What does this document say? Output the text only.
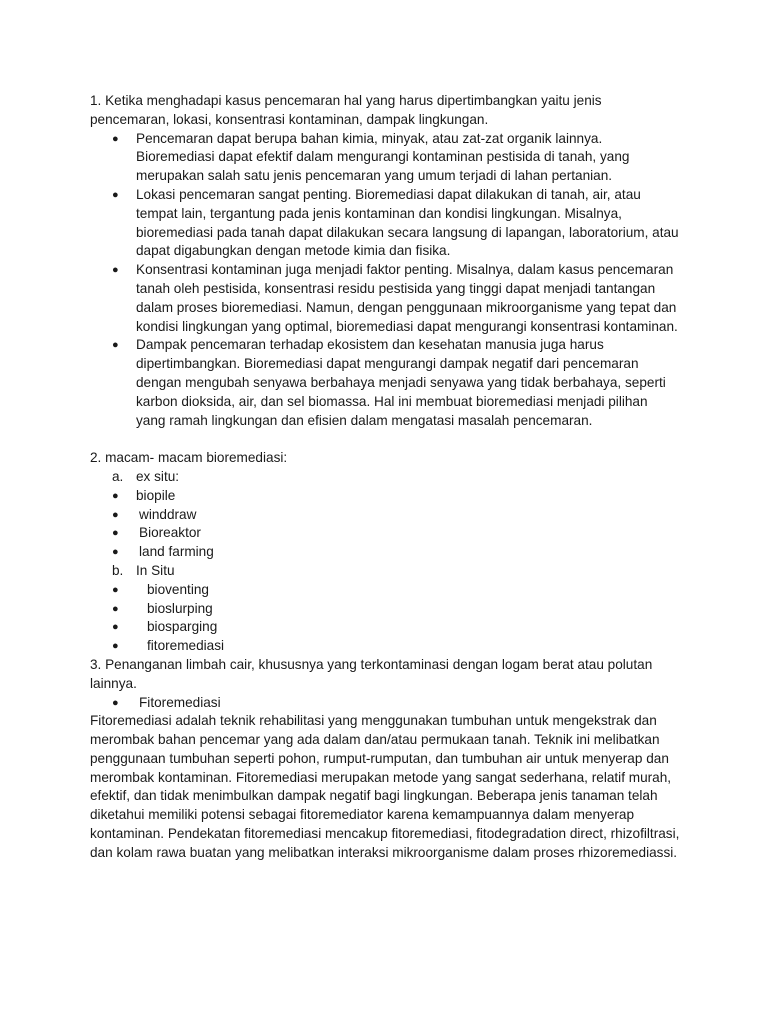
1. Ketika menghadapi kasus pencemaran hal yang harus dipertimbangkan yaitu jenis pencemaran, lokasi, konsentrasi kontaminan, dampak lingkungan.

● Pencemaran dapat berupa bahan kimia, minyak, atau zat-zat organik lainnya. Bioremediasi dapat efektif dalam mengurangi kontaminan pestisida di tanah, yang merupakan salah satu jenis pencemaran yang umum terjadi di lahan pertanian.
● Lokasi pencemaran sangat penting. Bioremediasi dapat dilakukan di tanah, air, atau tempat lain, tergantung pada jenis kontaminan dan kondisi lingkungan. Misalnya, bioremediasi pada tanah dapat dilakukan secara langsung di lapangan, laboratorium, atau dapat digabungkan dengan metode kimia dan fisika.
● Konsentrasi kontaminan juga menjadi faktor penting. Misalnya, dalam kasus pencemaran tanah oleh pestisida, konsentrasi residu pestisida yang tinggi dapat menjadi tantangan dalam proses bioremediasi. Namun, dengan penggunaan mikroorganisme yang tepat dan kondisi lingkungan yang optimal, bioremediasi dapat mengurangi konsentrasi kontaminan.
● Dampak pencemaran terhadap ekosistem dan kesehatan manusia juga harus dipertimbangkan. Bioremediasi dapat mengurangi dampak negatif dari pencemaran dengan mengubah senyawa berbahaya menjadi senyawa yang tidak berbahaya, seperti karbon dioksida, air, dan sel biomassa. Hal ini membuat bioremediasi menjadi pilihan yang ramah lingkungan dan efisien dalam mengatasi masalah pencemaran.

2. macam- macam bioremediasi:

a. ex situ:
● biopile
● winddraw
● Bioreaktor
● land farming
b. In Situ
● bioventing
● bioslurping
● biosparging
● fitoremediasi

3. Penanganan limbah cair, khususnya yang terkontaminasi dengan logam berat atau polutan lainnya.

● Fitoremediasi

Fitoremediasi adalah teknik rehabilitasi yang menggunakan tumbuhan untuk mengekstrak dan merombak bahan pencemar yang ada dalam dan/atau permukaan tanah. Teknik ini melibatkan penggunaan tumbuhan seperti pohon, rumput-rumputan, dan tumbuhan air untuk menyerap dan merombak kontaminan. Fitoremediasi merupakan metode yang sangat sederhana, relatif murah, efektif, dan tidak menimbulkan dampak negatif bagi lingkungan. Beberapa jenis tanaman telah diketahui memiliki potensi sebagai fitoremediator karena kemampuannya dalam menyerap kontaminan. Pendekatan fitoremediasi mencakup fitoremediasi, fitodegradation direct, rhizofiltrasi, dan kolam rawa buatan yang melibatkan interaksi mikroorganisme dalam proses rhizoremediassi.
